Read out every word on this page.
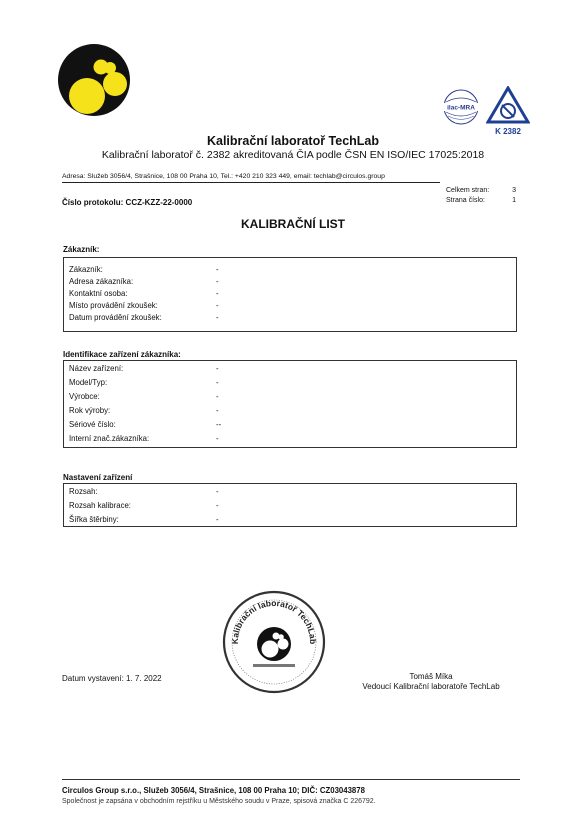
ilac-MRA
K 2382
Kalibrační laboratoř TechLab
Kalibrační laboratoř č. 2382 akreditovaná ČIA podle ČSN EN ISO/IEC 17025:2018
Adresa: Služeb 3056/4, Strašnice, 108 00 Praha 10, Tel.: +420 210 323 449, email: techlab@circulos.group
Celkem stran:	3
Strana číslo:	1
Číslo protokolu: CCZ-KZZ-22-0000
KALIBRAČNÍ LIST
Zákazník:
Zákazník:	-
Adresa zákazníka:	-
Kontaktní osoba:	-
Místo provádění zkoušek:	-
Datum provádění zkoušek:	-
Identifikace zařízení zákazníka:
Název zařízení:	-
Model/Typ:	-
Výrobce:	-
Rok výroby:	-
Sériové číslo:	--
Interní znač.zákazníka:	-
Nastavení zařízení
Rozsah:	-
Rozsah kalibrace:	-
Šířka štěrbiny:	-
Kalibrační laboratoř TechLab
Datum vystavení: 1. 7. 2022	Tomáš Míka
Vedoucí Kalibrační laboratoře TechLab
Circulos Group s.r.o., Služeb 3056/4, Strašnice, 108 00 Praha 10; DIČ: CZ03043878
Společnost je zapsána v obchodním rejstříku u Městského soudu v Praze, spisová značka C 226792.
